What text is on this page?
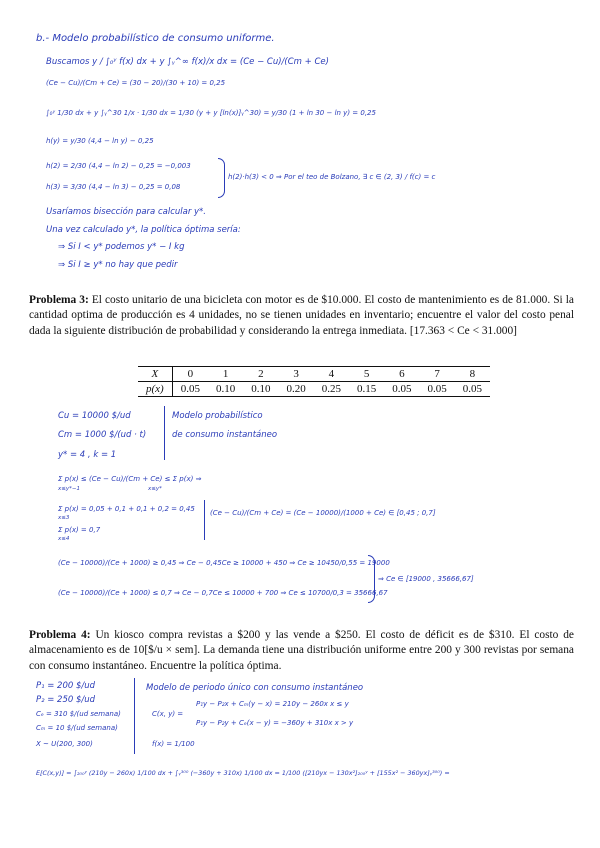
b.- Modelo probabilístico de consumo uniforme.
Buscamos y / ∫₀ʸ f(x) dx + y ∫ᵧ^∞ f(x)/x dx = (Ce − Cu)/(Cm + Ce)
(Ce − Cu)/(Cm + Ce) = (30 − 20)/(30 + 10) = 0,25
∫₀ʸ 1/30 dx + y ∫ᵧ^30 1/x · 1/30 dx = 1/30 (y + y [ln(x)]ᵧ^30) = y/30 (1 + ln 30 − ln y) = 0,25
h(y) = y/30 (4,4 − ln y) − 0,25
h(2) = 2/30 (4,4 − ln 2) − 0,25 = −0,003
h(3) = 3/30 (4,4 − ln 3) − 0,25 = 0,08
h(2)·h(3) < 0 ⇒ Por el teo de Bolzano, ∃ c ∈ (2, 3) / f(c) = c
Usaríamos bisección para calcular y*.
Una vez calculado y*, la política óptima sería:
⇒ Si I < y* podemos y* − I kg
⇒ Si I ≥ y* no hay que pedir
Problema 3: El costo unitario de una bicicleta con motor es de $10.000. El costo de mantenimiento es de 81.000. Si la cantidad optima de producción es 4 unidades, no se tienen unidades en inventario; encuentre el valor del costo penal dada la siguiente distribución de probabilidad y considerando la entrega inmediata. [17.363 < Ce < 31.000]
X	0	1	2	3	4	5	6	7	8
p(x)	0.05	0.10	0.10	0.20	0.25	0.15	0.05	0.05	0.05
Cu = 10000 $/ud
Cm = 1000 $/(ud · t)
y* = 4 , k = 1
Modelo probabilístico
de consumo instantáneo
Σ p(x) ≤ (Ce − Cu)/(Cm + Ce) ≤ Σ p(x) ⇒
x≤y*−1	x≤y*
Σ p(x) = 0,05 + 0,1 + 0,1 + 0,2 = 0,45
x≤3
Σ p(x) = 0,7
x≤4
(Ce − Cu)/(Cm + Ce) = (Ce − 10000)/(1000 + Ce) ∈ [0,45 ; 0,7]
(Ce − 10000)/(Ce + 1000) ≥ 0,45 ⇒ Ce − 0,45Ce ≥ 10000 + 450 ⇒ Ce ≥ 10450/0,55 = 19000
(Ce − 10000)/(Ce + 1000) ≤ 0,7 ⇒ Ce − 0,7Ce ≤ 10000 + 700 ⇒ Ce ≤ 10700/0,3 = 35666,67
⇒ Ce ∈ [19000 , 35666,67]
Problema 4: Un kiosco compra revistas a $200 y las vende a $250. El costo de déficit es de $310. El costo de almacenamiento es de 10[$/u × sem]. La demanda tiene una distribución uniforme entre 200 y 300 revistas por semana con consumo instantáneo. Encuentre la política óptima.
P₁ = 200 $/ud
P₂ = 250 $/ud
Cₑ = 310 $/(ud semana)
Cₘ = 10 $/(ud semana)
X ~ U(200, 300)
Modelo de periodo único con consumo instantáneo
C(x, y) =
P₁y − P₂x + Cₘ(y − x) = 210y − 260x x ≤ y
P₁y − P₂y + Cₑ(x − y) = −360y + 310x x > y
f(x) = 1/100
E[C(x,y)] = ∫₂₀₀ʸ (210y − 260x) 1/100 dx + ∫ᵧ³⁰⁰ (−360y + 310x) 1/100 dx = 1/100 ([210yx − 130x²]₂₀₀ʸ + [155x² − 360yx]ᵧ³⁰⁰) =
